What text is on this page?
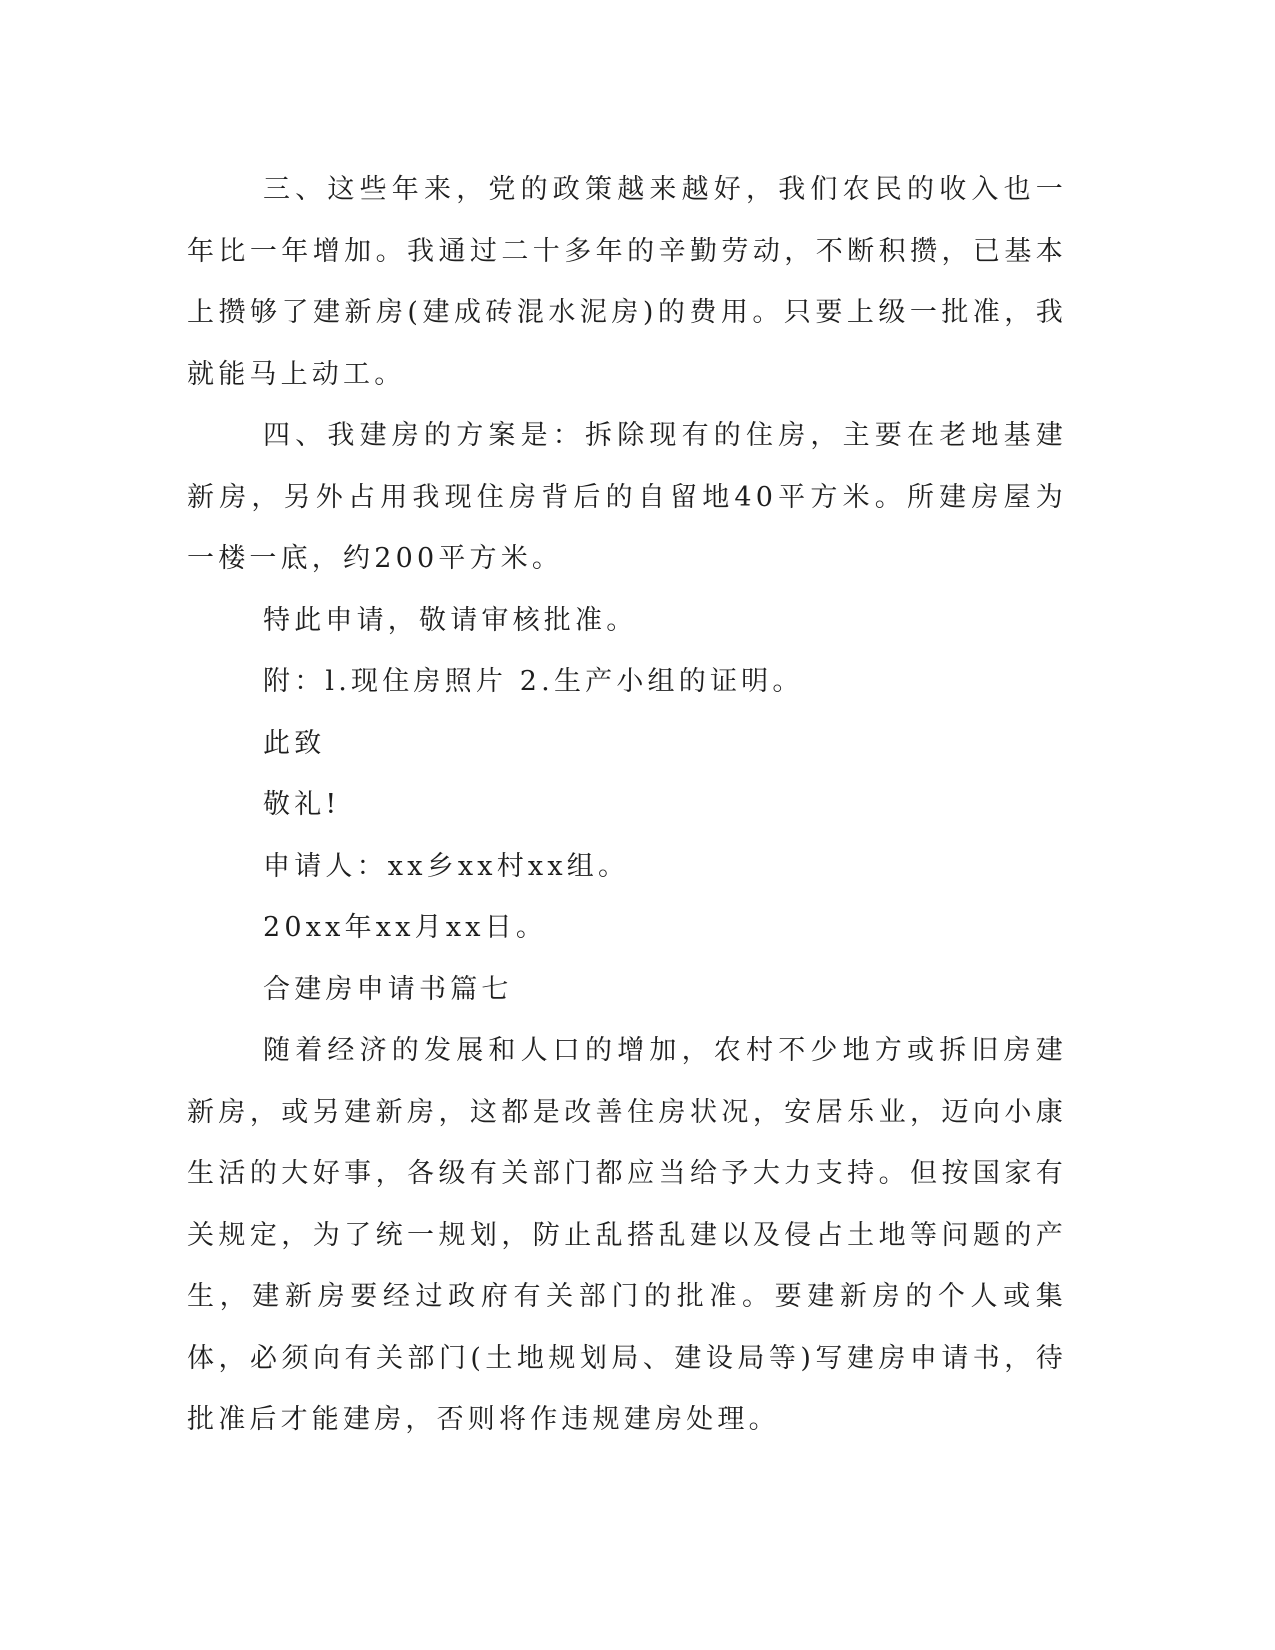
三、这些年来，党的政策越来越好，我们农民的收入也一年比一年增加。我通过二十多年的辛勤劳动，不断积攒，已基本上攒够了建新房(建成砖混水泥房)的费用。只要上级一批准，我就能马上动工。

四、我建房的方案是：拆除现有的住房，主要在老地基建新房，另外占用我现住房背后的自留地40平方米。所建房屋为一楼一底，约200平方米。

特此申请，敬请审核批准。

附：l.现住房照片 2.生产小组的证明。

此致

敬礼!

申请人：xx乡xx村xx组。

20xx年xx月xx日。

合建房申请书篇七

随着经济的发展和人口的增加，农村不少地方或拆旧房建新房，或另建新房，这都是改善住房状况，安居乐业，迈向小康生活的大好事，各级有关部门都应当给予大力支持。但按国家有关规定，为了统一规划，防止乱搭乱建以及侵占土地等问题的产生，建新房要经过政府有关部门的批准。要建新房的个人或集体，必须向有关部门(土地规划局、建设局等)写建房申请书，待批准后才能建房，否则将作违规建房处理。
